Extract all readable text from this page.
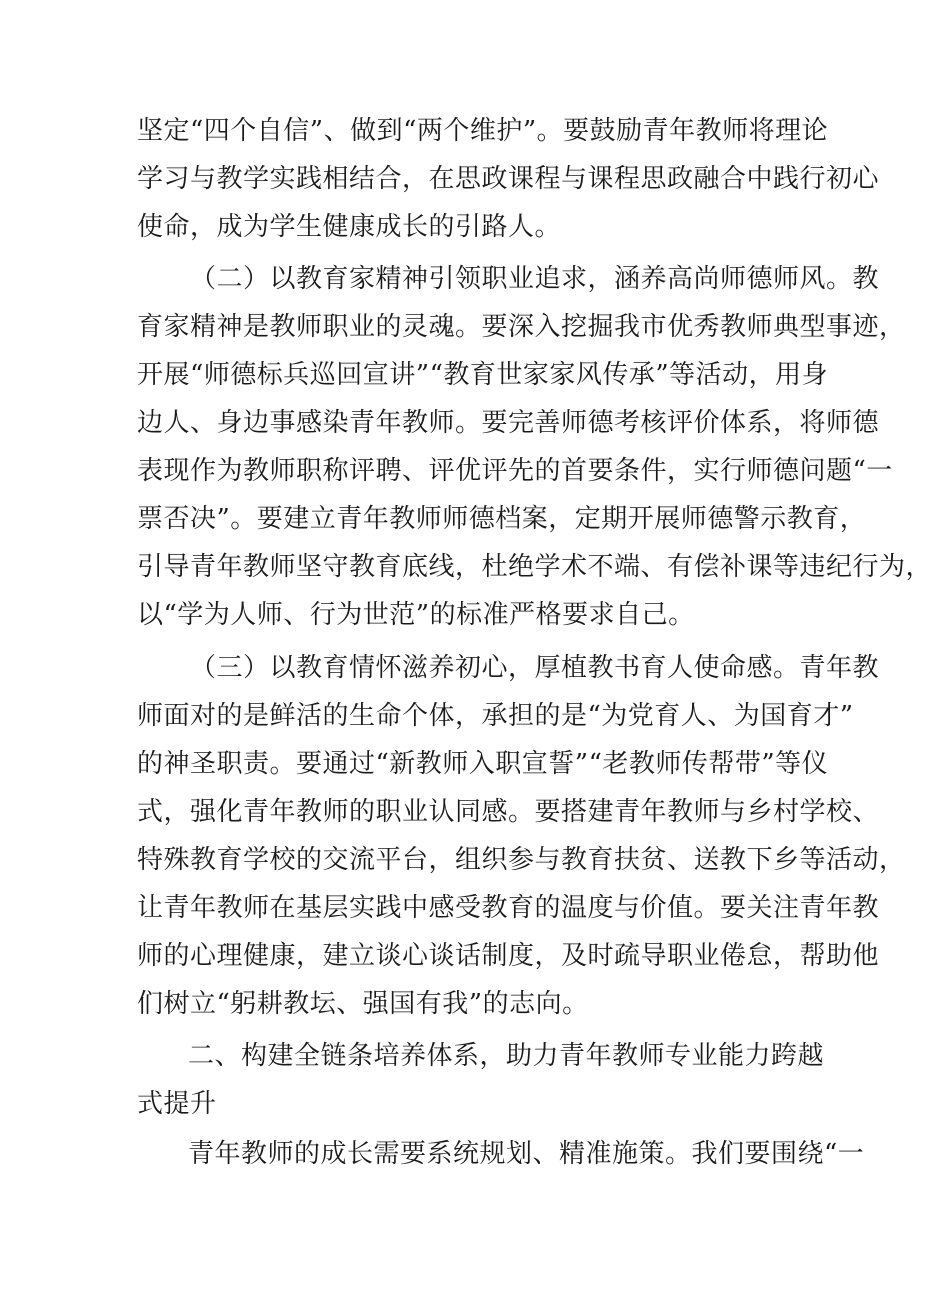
坚定“四个自信”、做到“两个维护”。要鼓励青年教师将理论
学习与教学实践相结合，在思政课程与课程思政融合中践行初心
使命，成为学生健康成长的引路人。
（二）以教育家精神引领职业追求，涵养高尚师德师风。教
育家精神是教师职业的灵魂。要深入挖掘我市优秀教师典型事迹，
开展“师德标兵巡回宣讲”“教育世家家风传承”等活动，用身
边人、身边事感染青年教师。要完善师德考核评价体系，将师德
表现作为教师职称评聘、评优评先的首要条件，实行师德问题“一
票否决”。要建立青年教师师德档案，定期开展师德警示教育，
引导青年教师坚守教育底线，杜绝学术不端、有偿补课等违纪行为，
以“学为人师、行为世范”的标准严格要求自己。
（三）以教育情怀滋养初心，厚植教书育人使命感。青年教
师面对的是鲜活的生命个体，承担的是“为党育人、为国育才”
的神圣职责。要通过“新教师入职宣誓”“老教师传帮带”等仪
式，强化青年教师的职业认同感。要搭建青年教师与乡村学校、
特殊教育学校的交流平台，组织参与教育扶贫、送教下乡等活动，
让青年教师在基层实践中感受教育的温度与价值。要关注青年教
师的心理健康，建立谈心谈话制度，及时疏导职业倦怠，帮助他
们树立“躬耕教坛、强国有我”的志向。
二、构建全链条培养体系，助力青年教师专业能力跨越
式提升
青年教师的成长需要系统规划、精准施策。我们要围绕“一
